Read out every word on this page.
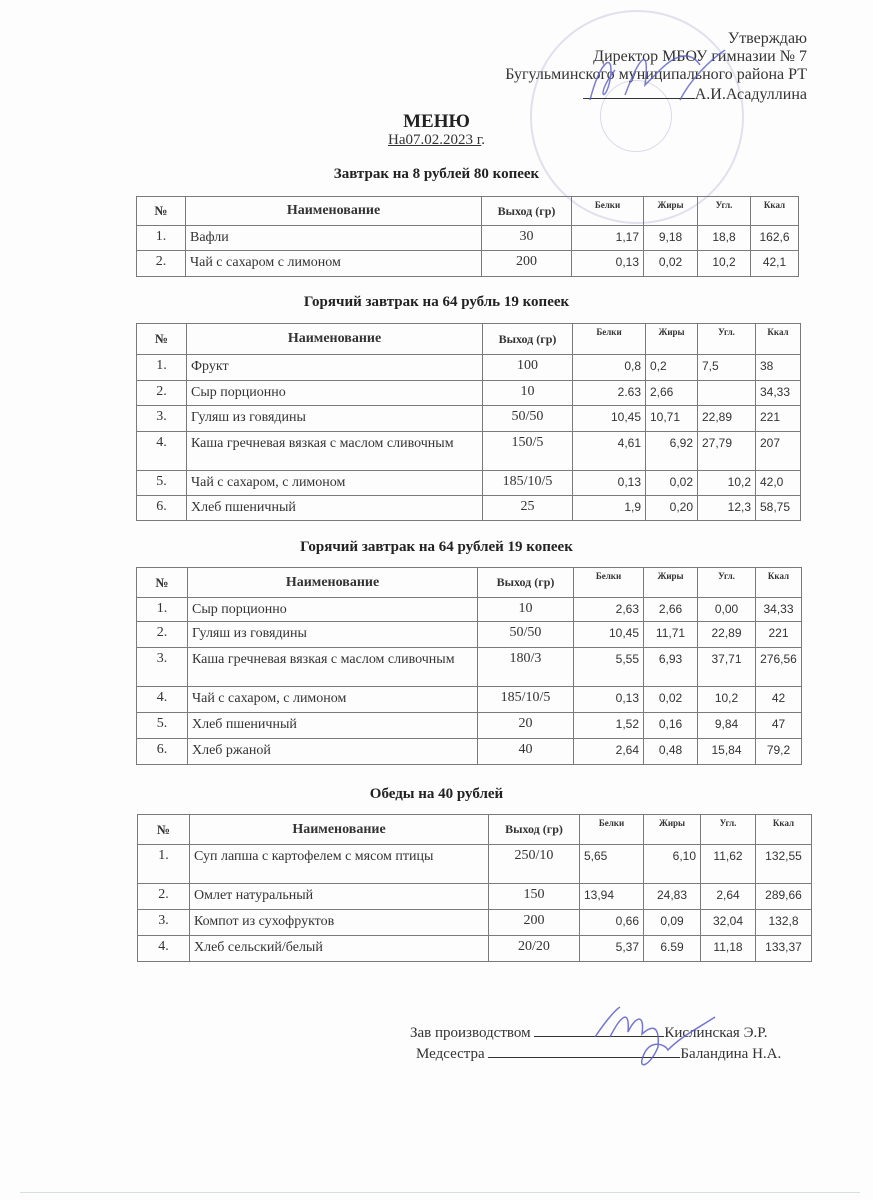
Утверждаю
Директор МБОУ гимназии № 7
Бугульминского муниципального района РТ
А.И.Асадуллина
МЕНЮ
На07.02.2023 г.
Завтрак на 8 рублей 80 копеек
№	Наименование	Выход (гр)	Белки	Жиры	Угл.	Ккал
1.	Вафли	30	1,17	9,18	18,8	162,6
2.	Чай с сахаром с лимоном	200	0,13	0,02	10,2	42,1
Горячий завтрак на 64 рубль 19 копеек
№	Наименование	Выход (гр)	Белки	Жиры	Угл.	Ккал
1.	Фрукт	100	0,8	0,2	7,5	38
2.	Сыр порционно	10	2.63	2,66		34,33
3.	Гуляш из говядины	50/50	10,45	10,71	22,89	221
4.	Каша гречневая вязкая с маслом сливочным	150/5	4,61	6,92	27,79	207
5.	Чай с сахаром, с лимоном	185/10/5	0,13	0,02	10,2	42,0
6.	Хлеб пшеничный	25	1,9	0,20	12,3	58,75
Горячий завтрак на 64 рублей 19 копеек
№	Наименование	Выход (гр)	Белки	Жиры	Угл.	Ккал
1.	Сыр порционно	10	2,63	2,66	0,00	34,33
2.	Гуляш из говядины	50/50	10,45	11,71	22,89	221
3.	Каша гречневая вязкая с маслом сливочным	180/3	5,55	6,93	37,71	276,56
4.	Чай с сахаром, с лимоном	185/10/5	0,13	0,02	10,2	42
5.	Хлеб пшеничный	20	1,52	0,16	9,84	47
6.	Хлеб ржаной	40	2,64	0,48	15,84	79,2
Обеды на 40 рублей
№	Наименование	Выход (гр)	Белки	Жиры	Угл.	Ккал
1.	Суп лапша с картофелем с мясом птицы	250/10	5,65	6,10	11,62	132,55
2.	Омлет натуральный	150	13,94	24,83	2,64	289,66
3.	Компот из сухофруктов	200	0,66	0,09	32,04	132,8
4.	Хлеб сельский/белый	20/20	5,37	6.59	11,18	133,37
Зав производством	Кислинская Э.Р.
Медсестра	Баландина Н.А.
